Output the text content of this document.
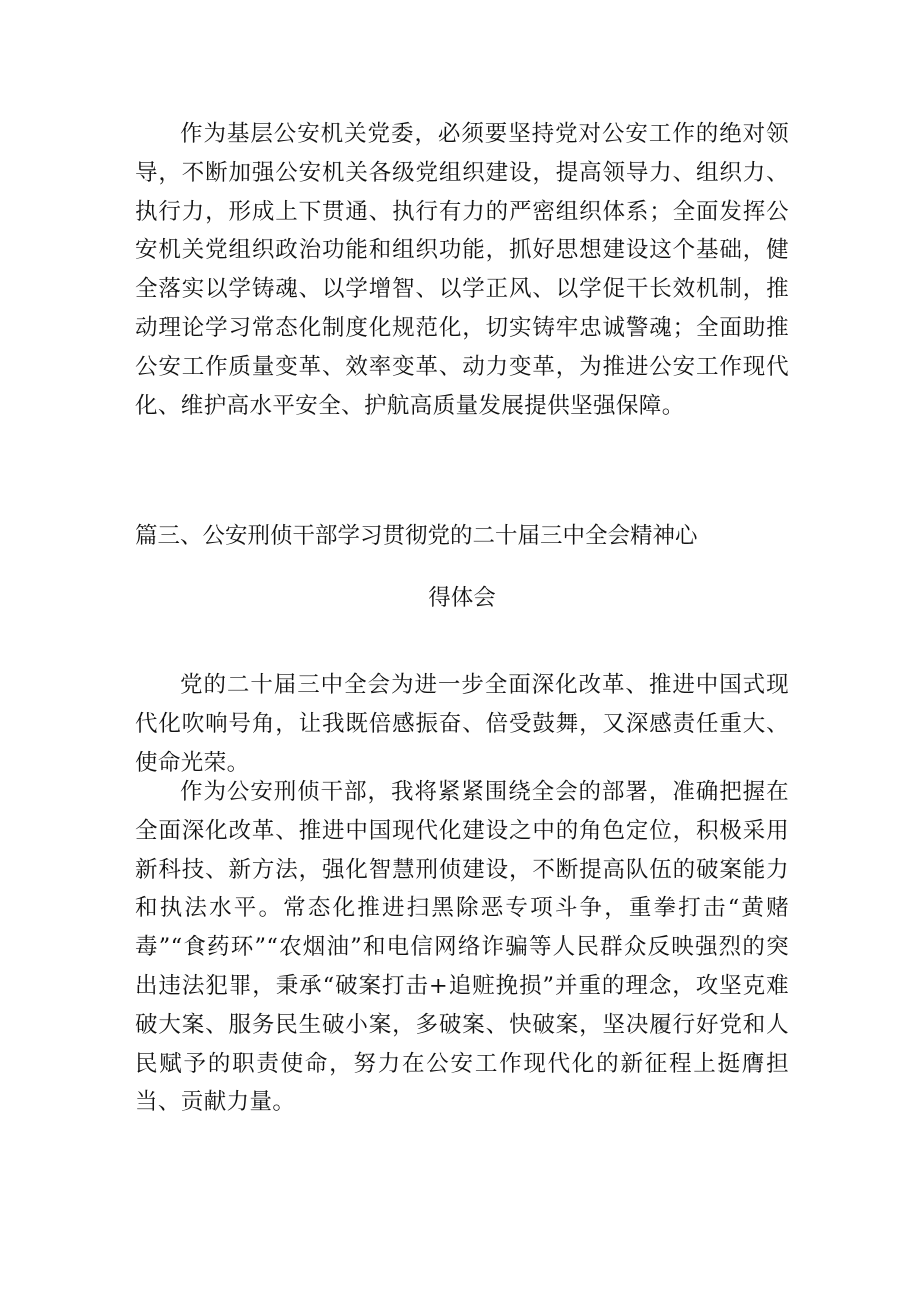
作为基层公安机关党委，必须要坚持党对公安工作的绝对领导，不断加强公安机关各级党组织建设，提高领导力、组织力、执行力，形成上下贯通、执行有力的严密组织体系；全面发挥公安机关党组织政治功能和组织功能，抓好思想建设这个基础，健全落实以学铸魂、以学增智、以学正风、以学促干长效机制，推动理论学习常态化制度化规范化，切实铸牢忠诚警魂；全面助推公安工作质量变革、效率变革、动力变革，为推进公安工作现代化、维护高水平安全、护航高质量发展提供坚强保障。

篇三、公安刑侦干部学习贯彻党的二十届三中全会精神心
得体会

党的二十届三中全会为进一步全面深化改革、推进中国式现代化吹响号角，让我既倍感振奋、倍受鼓舞，又深感责任重大、使命光荣。

作为公安刑侦干部，我将紧紧围绕全会的部署，准确把握在全面深化改革、推进中国现代化建设之中的角色定位，积极采用新科技、新方法，强化智慧刑侦建设，不断提高队伍的破案能力和执法水平。常态化推进扫黑除恶专项斗争，重拳打击“黄赌毒”“食药环”“农烟油”和电信网络诈骗等人民群众反映强烈的突出违法犯罪，秉承“破案打击+追赃挽损”并重的理念，攻坚克难破大案、服务民生破小案，多破案、快破案，坚决履行好党和人民赋予的职责使命，努力在公安工作现代化的新征程上挺膺担当、贡献力量。
